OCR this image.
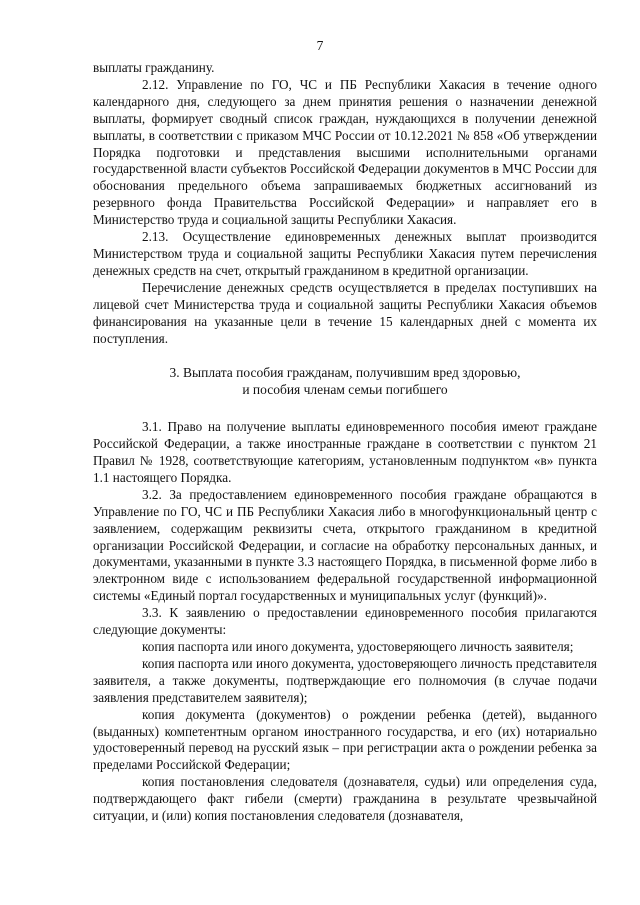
7

выплаты гражданину.

2.12. Управление по ГО, ЧС и ПБ Республики Хакасия в течение одного календарного дня, следующего за днем принятия решения о назначении денежной выплаты, формирует сводный список граждан, нуждающихся в получении денежной выплаты, в соответствии с приказом МЧС России от 10.12.2021 № 858 «Об утверждении Порядка подготовки и представления высшими исполнительными органами государственной власти субъектов Российской Федерации документов в МЧС России для обоснования предельного объема запрашиваемых бюджетных ассигнований из резервного фонда Правительства Российской Федерации» и направляет его в Министерство труда и социальной защиты Республики Хакасия.

2.13. Осуществление единовременных денежных выплат производится Министерством труда и социальной защиты Республики Хакасия путем перечисления денежных средств на счет, открытый гражданином в кредитной организации.

Перечисление денежных средств осуществляется в пределах поступивших на лицевой счет Министерства труда и социальной защиты Республики Хакасия объемов финансирования на указанные цели в течение 15 календарных дней с момента их поступления.

3. Выплата пособия гражданам, получившим вред здоровью,
и пособия членам семьи погибшего

3.1. Право на получение выплаты единовременного пособия имеют граждане Российской Федерации, а также иностранные граждане в соответствии с пунктом 21 Правил № 1928, соответствующие категориям, установленным подпунктом «в» пункта 1.1 настоящего Порядка.

3.2. За предоставлением единовременного пособия граждане обращаются в Управление по ГО, ЧС и ПБ Республики Хакасия либо в многофункциональный центр с заявлением, содержащим реквизиты счета, открытого гражданином в кредитной организации Российской Федерации, и согласие на обработку персональных данных, и документами, указанными в пункте 3.3 настоящего Порядка, в письменной форме либо в электронном виде с использованием федеральной государственной информационной системы «Единый портал государственных и муниципальных услуг (функций)».

3.3. К заявлению о предоставлении единовременного пособия прилагаются следующие документы:

копия паспорта или иного документа, удостоверяющего личность заявителя;

копия паспорта или иного документа, удостоверяющего личность представителя заявителя, а также документы, подтверждающие его полномочия (в случае подачи заявления представителем заявителя);

копия документа (документов) о рождении ребенка (детей), выданного (выданных) компетентным органом иностранного государства, и его (их) нотариально удостоверенный перевод на русский язык – при регистрации акта о рождении ребенка за пределами Российской Федерации;

копия постановления следователя (дознавателя, судьи) или определения суда, подтверждающего факт гибели (смерти) гражданина в результате чрезвычайной ситуации, и (или) копия постановления следователя (дознавателя,
